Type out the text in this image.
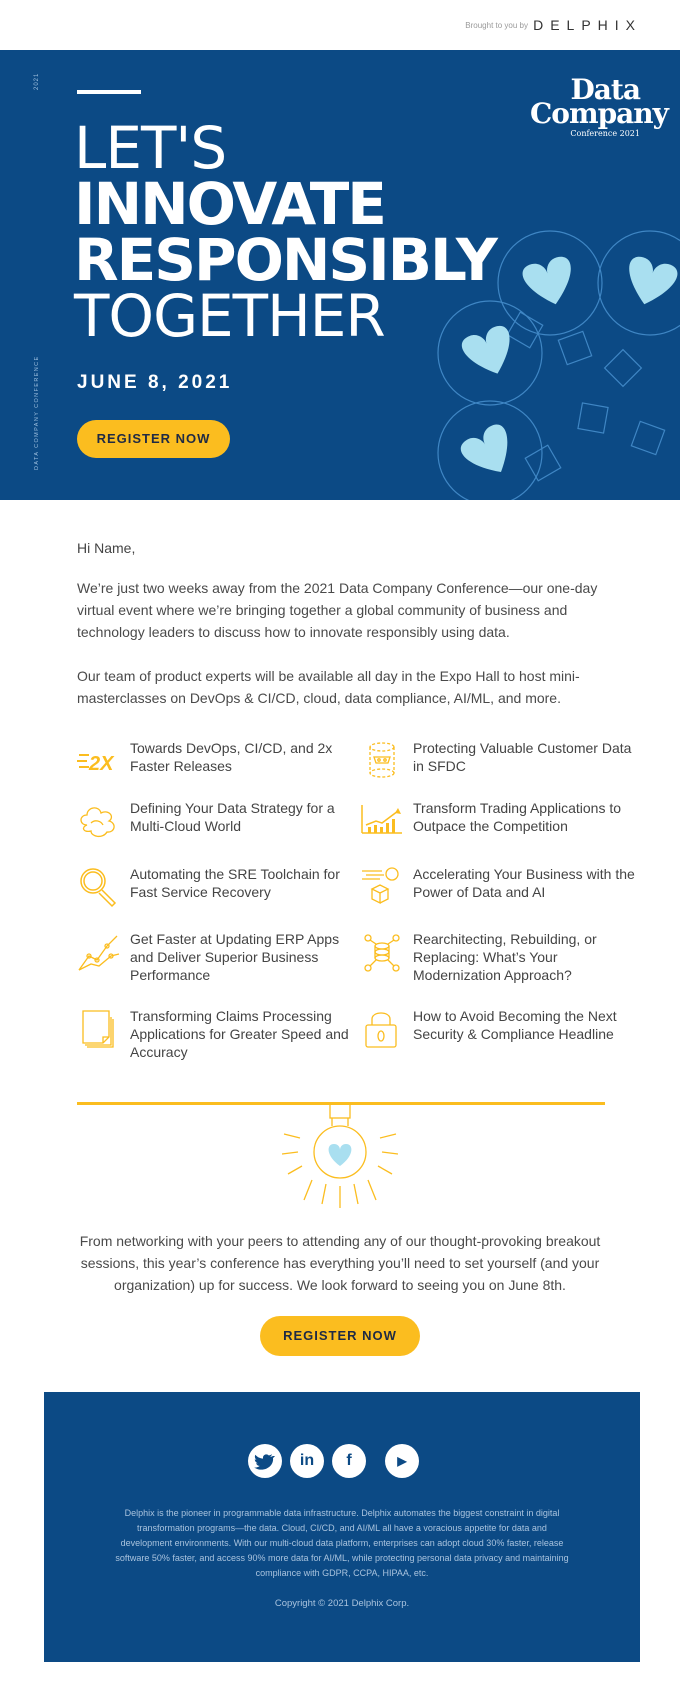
Brought to you by DELPHIX
2021
DATA COMPANY CONFERENCE
LET'S
INNOVATE
RESPONSIBLY
TOGETHER
JUNE 8, 2021
REGISTER NOW
Data
Company
Conference 2021
Hi Name,
We’re just two weeks away from the 2021 Data Company Conference—our one-day virtual event where we’re bringing together a global community of business and technology leaders to discuss how to innovate responsibly using data.
Our team of product experts will be available all day in the Expo Hall to host mini-masterclasses on DevOps & CI/CD, cloud, data compliance, AI/ML, and more.
2X
Towards DevOps, CI/CD, and 2x Faster Releases
Protecting Valuable Customer Data in SFDC
Defining Your Data Strategy for a Multi-Cloud World
Transform Trading Applications to Outpace the Competition
Automating the SRE Toolchain for Fast Service Recovery
Accelerating Your Business with the Power of Data and AI
Get Faster at Updating ERP Apps and Deliver Superior Business Performance
Rearchitecting, Rebuilding, or Replacing: What’s Your Modernization Approach?
Transforming Claims Processing Applications for Greater Speed and Accuracy
How to Avoid Becoming the Next Security & Compliance Headline
From networking with your peers to attending any of our thought-provoking breakout sessions, this year’s conference has everything you’ll need to set yourself (and your organization) up for success. We look forward to seeing you on June 8th.
REGISTER NOW
in	f	▶
Delphix is the pioneer in programmable data infrastructure. Delphix automates the biggest constraint in digital transformation programs—the data. Cloud, CI/CD, and AI/ML all have a voracious appetite for data and development environments. With our multi-cloud data platform, enterprises can adopt cloud 30% faster, release software 50% faster, and access 90% more data for AI/ML, while protecting personal data privacy and maintaining compliance with GDPR, CCPA, HIPAA, etc.
Copyright © 2021 Delphix Corp.
